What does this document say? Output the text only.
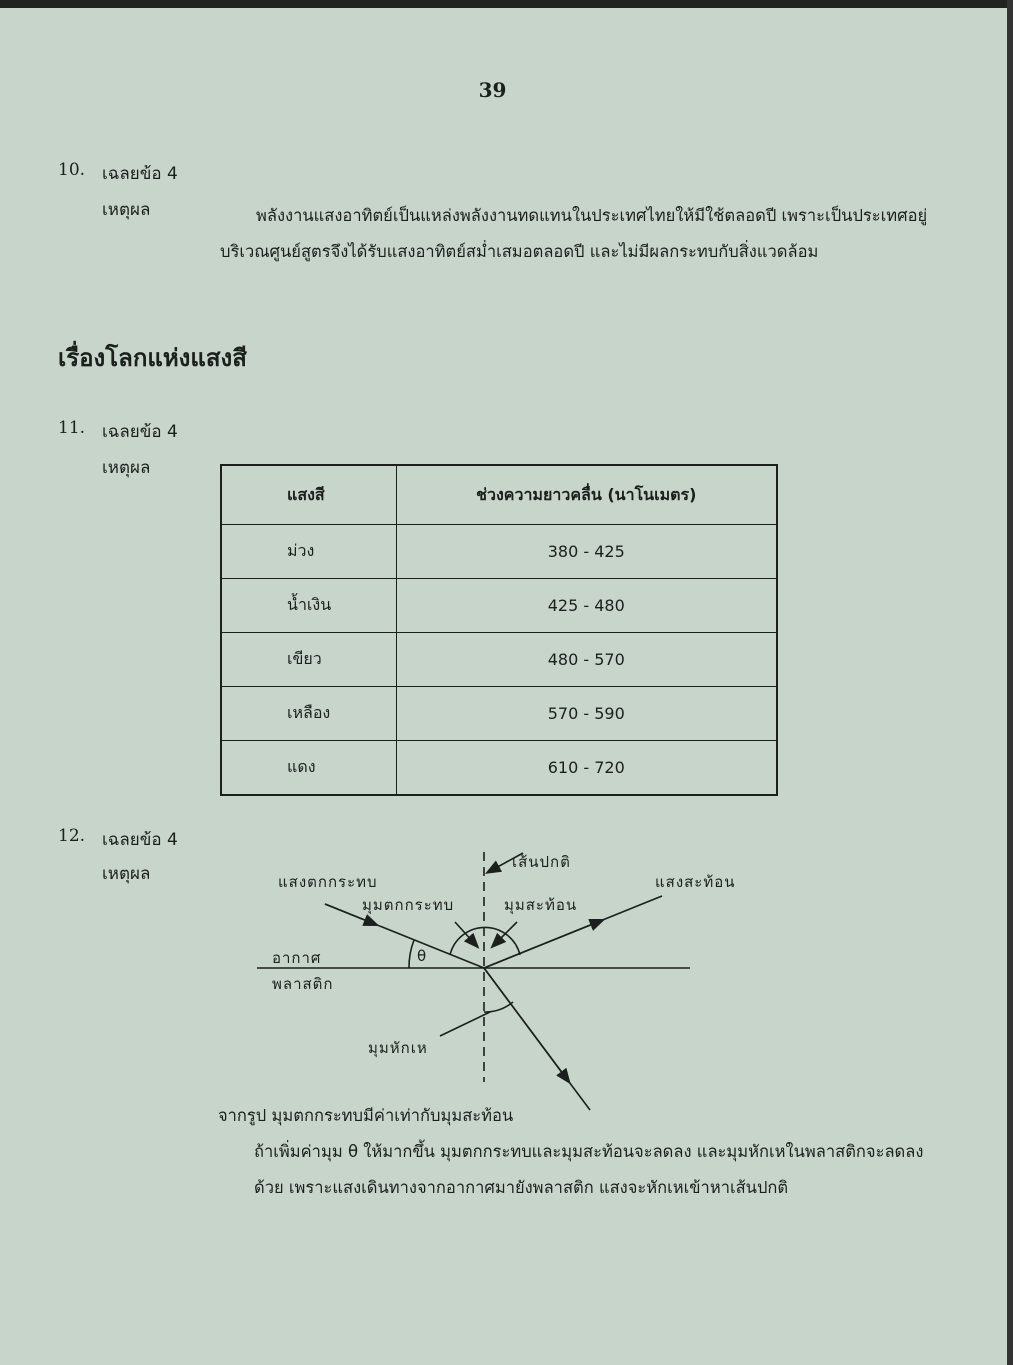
39
10. เฉลยข้อ 4
เหตุผล	พลังงานแสงอาทิตย์เป็นแหล่งพลังงานทดแทนในประเทศไทยให้มีใช้ตลอดปี เพราะเป็นประเทศอยู่บริเวณศูนย์สูตรจึงได้รับแสงอาทิตย์สม่ำเสมอตลอดปี และไม่มีผลกระทบกับสิ่งแวดล้อม
เรื่องโลกแห่งแสงสี
11. เฉลยข้อ 4
เหตุผล
แสงสี	ช่วงความยาวคลื่น (นาโนเมตร)
ม่วง	380 - 425
น้ำเงิน	425 - 480
เขียว	480 - 570
เหลือง	570 - 590
แดง	610 - 720
12. เฉลยข้อ 4
เหตุผล
เส้นปกติ
แสงตกกระทบ
มุมตกกระทบ	มุมสะท้อน
แสงสะท้อน
อากาศ
พลาสติก
θ
มุมหักเห
จากรูป มุมตกกระทบมีค่าเท่ากับมุมสะท้อน
ถ้าเพิ่มค่ามุม θ ให้มากขึ้น มุมตกกระทบและมุมสะท้อนจะลดลง และมุมหักเหในพลาสติกจะลดลงด้วย เพราะแสงเดินทางจากอากาศมายังพลาสติก แสงจะหักเหเข้าหาเส้นปกติ
